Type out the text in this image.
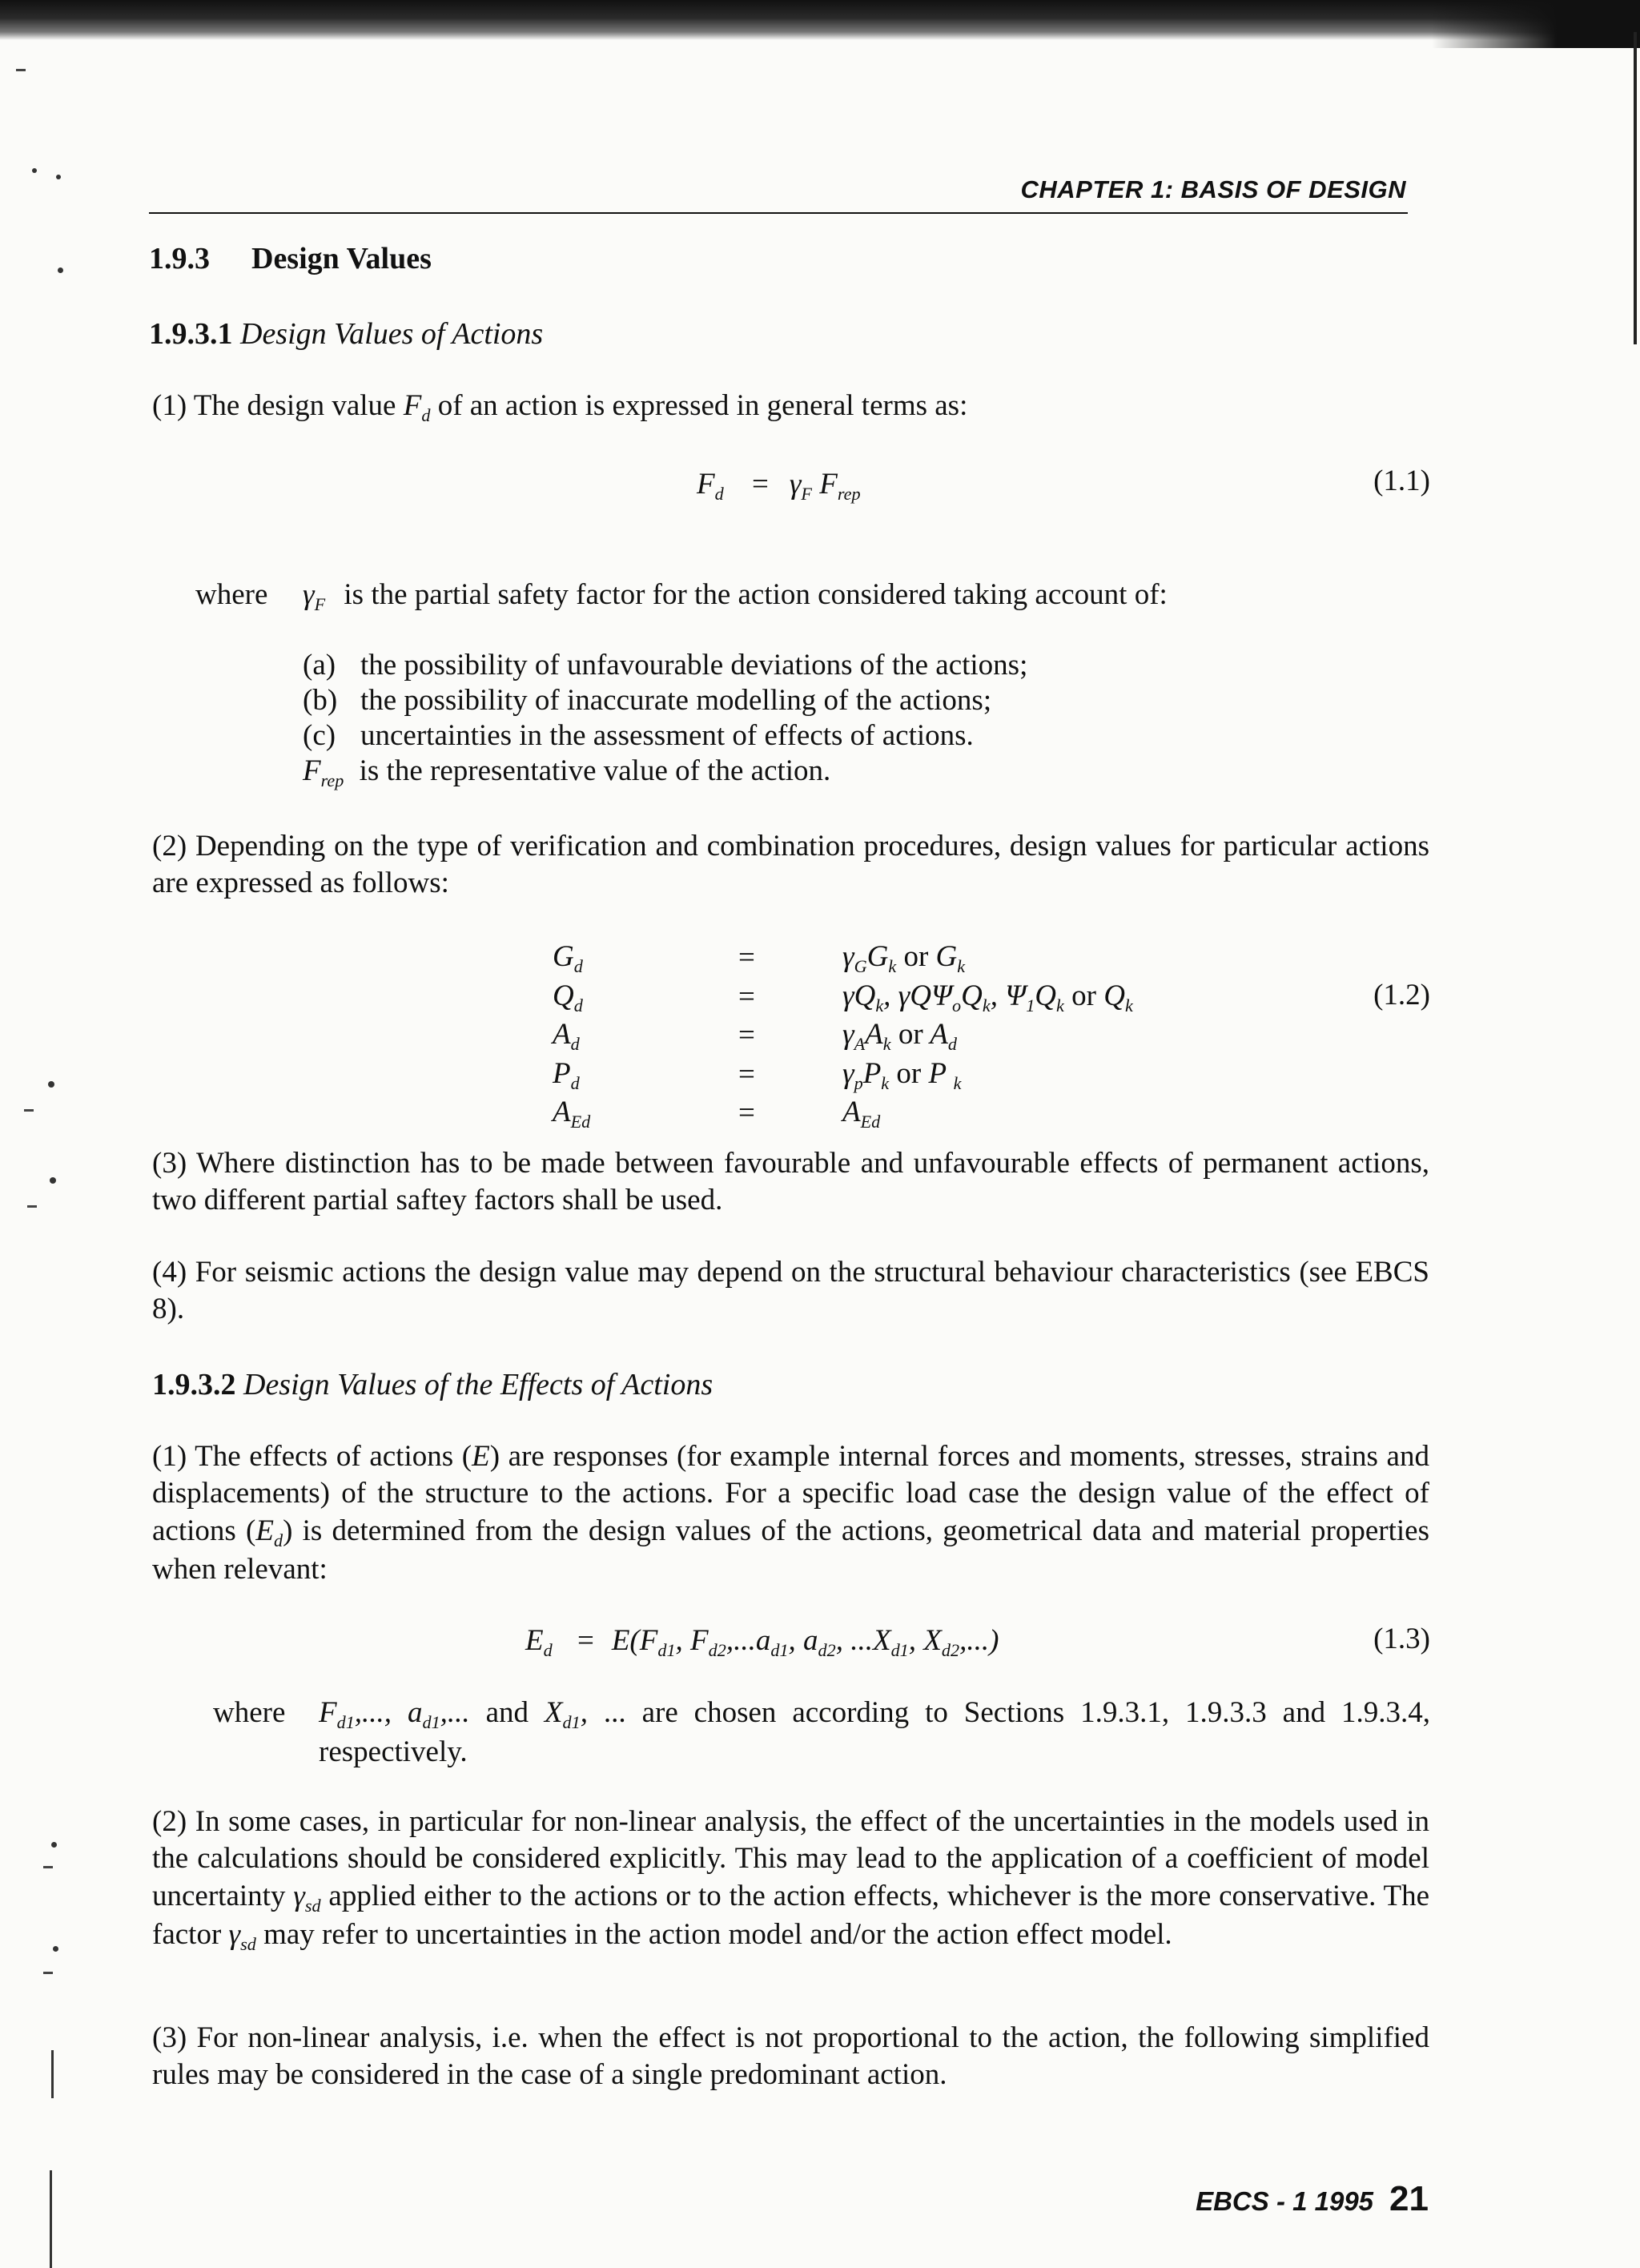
CHAPTER 1: BASIS OF DESIGN
1.9.3 Design Values
1.9.3.1 Design Values of Actions
(1) The design value $F_d$ of an action is expressed in general terms as:
$F_d = \gamma_F$ $F_{rep}$	(1.1)
where $\gamma_F$ is the partial safety factor for the action considered taking account of:
(a) the possibility of unfavourable deviations of the actions;
(b) the possibility of inaccurate modelling of the actions;
(c) uncertainties in the assessment of effects of actions.
$F_{rep}$ is the representative value of the action.
(2) Depending on the type of verification and combination procedures, design values for particular actions are expressed as follows:
$G_d$	=	$\gamma_GG_k$ or $G_k$
$Q_d$	=	$\gamma Q_k$, $\gamma Q\Psi_oQ_k$, $\Psi_1Q_k$ or $Q_k$
$A_d$	=	$\gamma_AA_k$ or $A_d$
$P_d$	=	$\gamma_pP_k$ or P $_k$
$A_{Ed}$	=	$A_{Ed}$
(1.2)
(3) Where distinction has to be made between favourable and unfavourable effects of permanent actions, two different partial saftey factors shall be used.
(4) For seismic actions the design value may depend on the structural behaviour characteristics (see EBCS 8).
1.9.3.2 Design Values of the Effects of Actions
(1) The effects of actions (E) are responses (for example internal forces and moments, stresses, strains and displacements) of the structure to the actions. For a specific load case the design value of the effect of actions $(E_d)$ is determined from the design values of the actions, geometrical data and material properties when relevant:
$E_d = E(F_{d1}$, $F_{d2},...a_{d1}$, $a_{d2}$, $...X_{d1}$, $X_{d2}$,...)	(1.3)
where $F_{d1}$,..., $a_{d1}$,... and $X_{d1}$, ... are chosen according to Sections 1.9.3.1, 1.9.3.3 and 1.9.3.4, respectively.
(2) In some cases, in particular for non-linear analysis, the effect of the uncertainties in the models used in the calculations should be considered explicitly. This may lead to the application of a coefficient of model uncertainty $\gamma_{sd}$ applied either to the actions or to the action effects, whichever is the more conservative. The factor $\gamma_{sd}$ may refer to uncertainties in the action model and/or the action effect model.
(3) For non-linear analysis, i.e. when the effect is not proportional to the action, the following simplified rules may be considered in the case of a single predominant action.
EBCS - 1 1995 21
